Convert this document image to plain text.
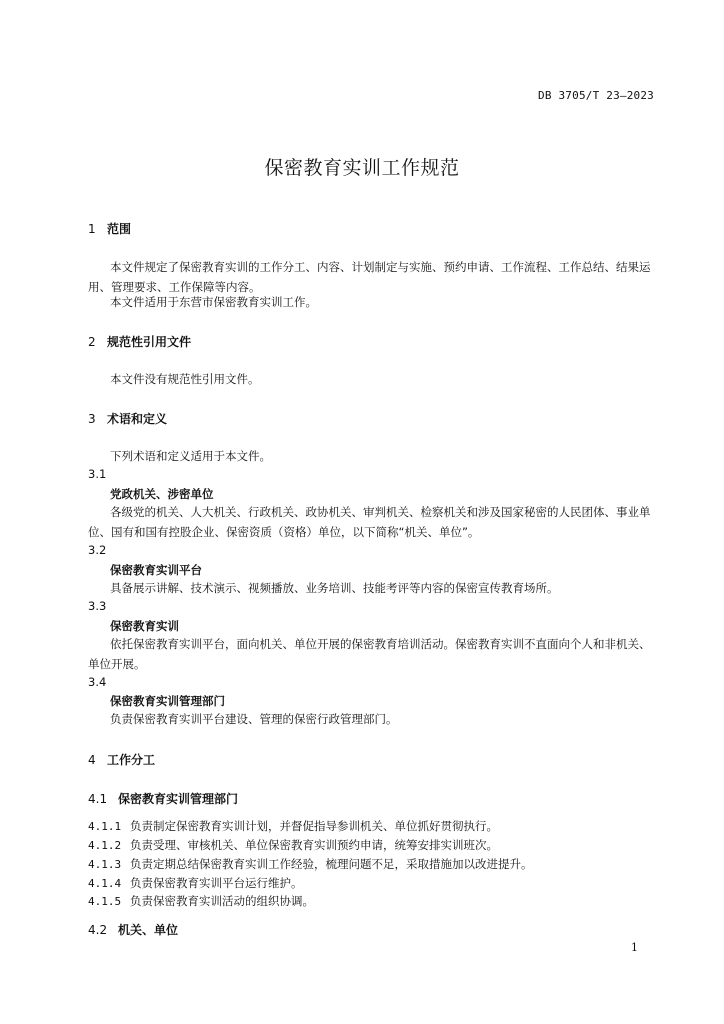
DB 3705/T 23—2023
保密教育实训工作规范
1 范围
本文件规定了保密教育实训的工作分工、内容、计划制定与实施、预约申请、工作流程、工作总结、结果运用、管理要求、工作保障等内容。
本文件适用于东营市保密教育实训工作。
2 规范性引用文件
本文件没有规范性引用文件。
3 术语和定义
下列术语和定义适用于本文件。
3.1
党政机关、涉密单位
各级党的机关、人大机关、行政机关、政协机关、审判机关、检察机关和涉及国家秘密的人民团体、事业单位、国有和国有控股企业、保密资质（资格）单位，以下简称“机关、单位”。
3.2
保密教育实训平台
具备展示讲解、技术演示、视频播放、业务培训、技能考评等内容的保密宣传教育场所。
3.3
保密教育实训
依托保密教育实训平台，面向机关、单位开展的保密教育培训活动。保密教育实训不直面向个人和非机关、单位开展。
3.4
保密教育实训管理部门
负责保密教育实训平台建设、管理的保密行政管理部门。
4 工作分工
4.1 保密教育实训管理部门
4.1.1 负责制定保密教育实训计划，并督促指导参训机关、单位抓好贯彻执行。
4.1.2 负责受理、审核机关、单位保密教育实训预约申请，统筹安排实训班次。
4.1.3 负责定期总结保密教育实训工作经验，梳理问题不足，采取措施加以改进提升。
4.1.4 负责保密教育实训平台运行维护。
4.1.5 负责保密教育实训活动的组织协调。
4.2 机关、单位
1
